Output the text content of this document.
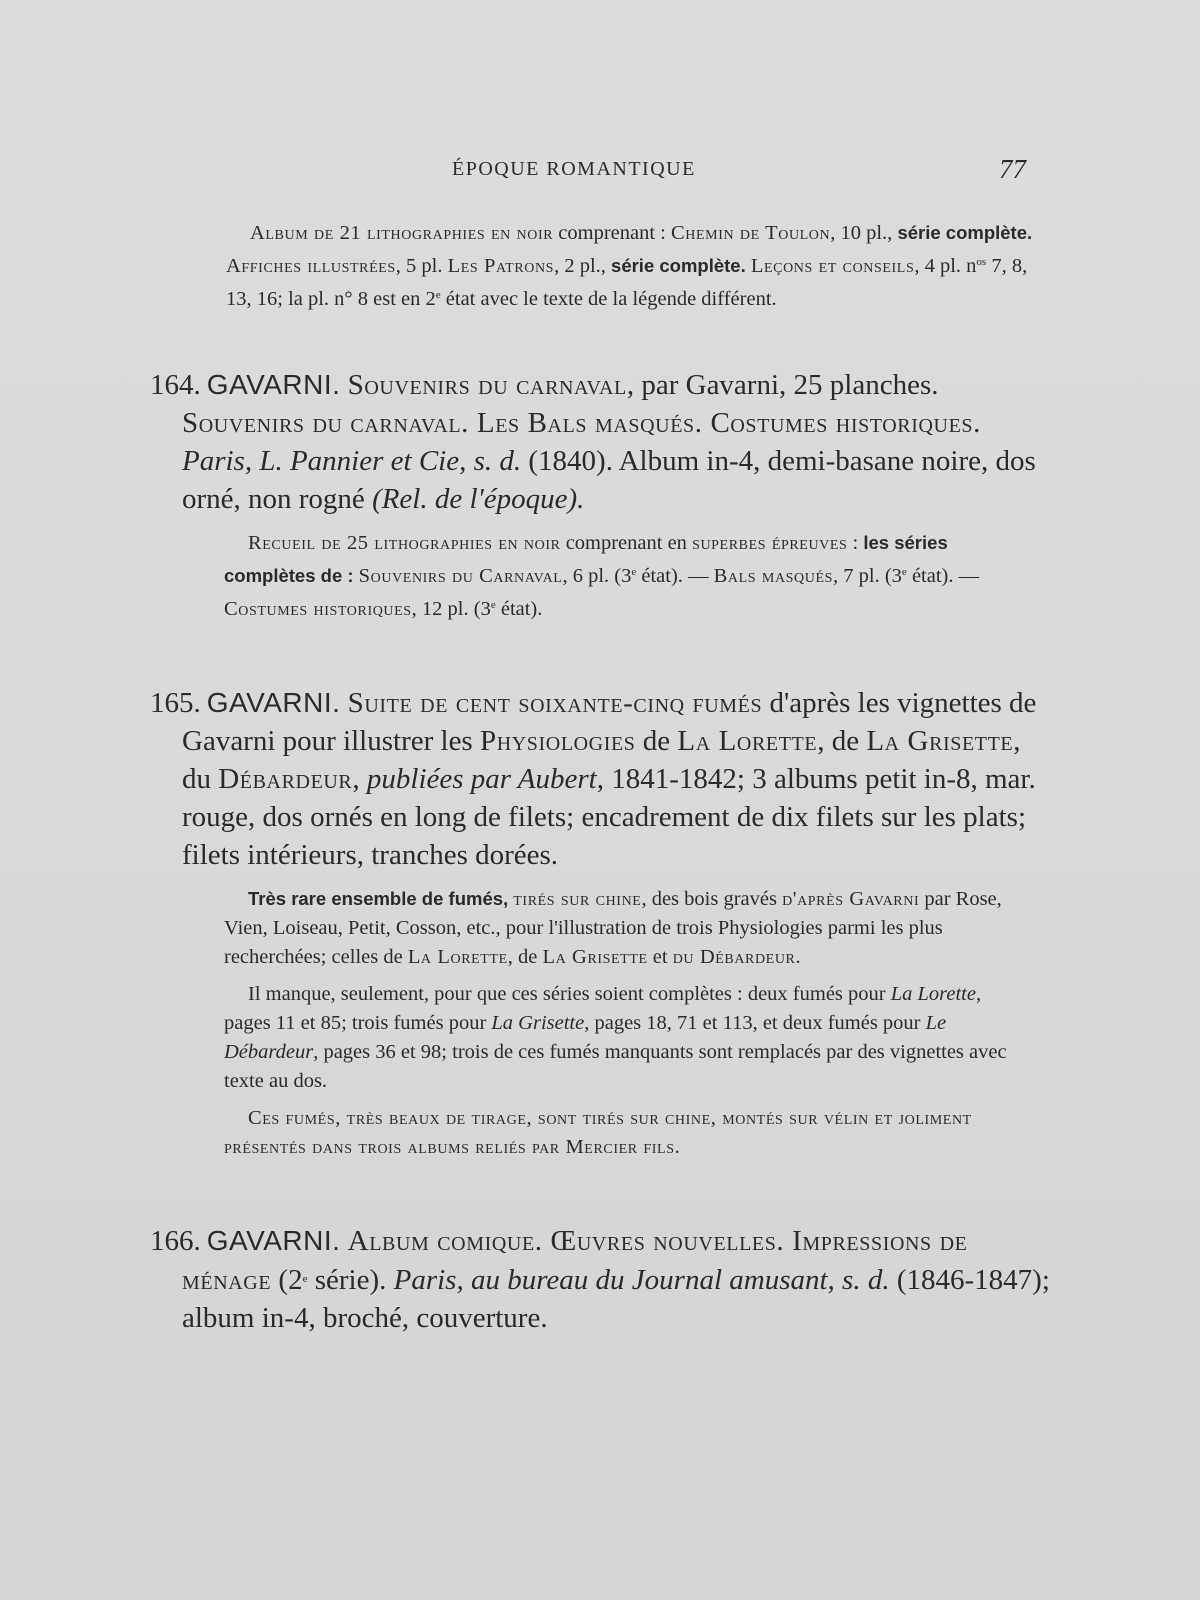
ÉPOQUE ROMANTIQUE	77

Album de 21 lithographies en noir comprenant : Chemin de Toulon, 10 pl., série complète. Affiches illustrées, 5 pl. Les Patrons, 2 pl., série complète. Leçons et conseils, 4 pl. $n^{os}$ 7, 8, 13, 16; la pl. n° 8 est en 2e état avec le texte de la légende différent.

164. GAVARNI. Souvenirs du carnaval, par Gavarni, 25 planches. Souvenirs du carnaval. Les Bals masqués. Costumes historiques. Paris, L. Pannier et Cie, s. d. (1840). Album in-4, demi-basane noire, dos orné, non rogné (Rel. de l'époque).

Recueil de 25 lithographies en noir comprenant en superbes épreuves : les séries complètes de : Souvenirs du Carnaval, 6 pl. (3e état). — Bals masqués, 7 pl. (3e état). — Costumes historiques, 12 pl. (3e état).

165. GAVARNI. Suite de cent soixante-cinq fumés d'après les vignettes de Gavarni pour illustrer les Physiologies de La Lorette, de La Grisette, du Débardeur, publiées par Aubert, 1841-1842; 3 albums petit in-8, mar. rouge, dos ornés en long de filets; encadrement de dix filets sur les plats; filets intérieurs, tranches dorées.

Très rare ensemble de fumés, tirés sur chine, des bois gravés d'après Gavarni par Rose, Vien, Loiseau, Petit, Cosson, etc., pour l'illustration de trois Physiologies parmi les plus recherchées; celles de La Lorette, de La Grisette et du Débardeur.

Il manque, seulement, pour que ces séries soient complètes : deux fumés pour La Lorette, pages 11 et 85; trois fumés pour La Grisette, pages 18, 71 et 113, et deux fumés pour Le Débardeur, pages 36 et 98; trois de ces fumés manquants sont remplacés par des vignettes avec texte au dos.

Ces fumés, très beaux de tirage, sont tirés sur chine, montés sur vélin et joliment présentés dans trois albums reliés par Mercier fils.

166. GAVARNI. Album comique. Œuvres nouvelles. Impressions de ménage (2e série). Paris, au bureau du Journal amusant, s. d. (1846-1847); album in-4, broché, couverture.
